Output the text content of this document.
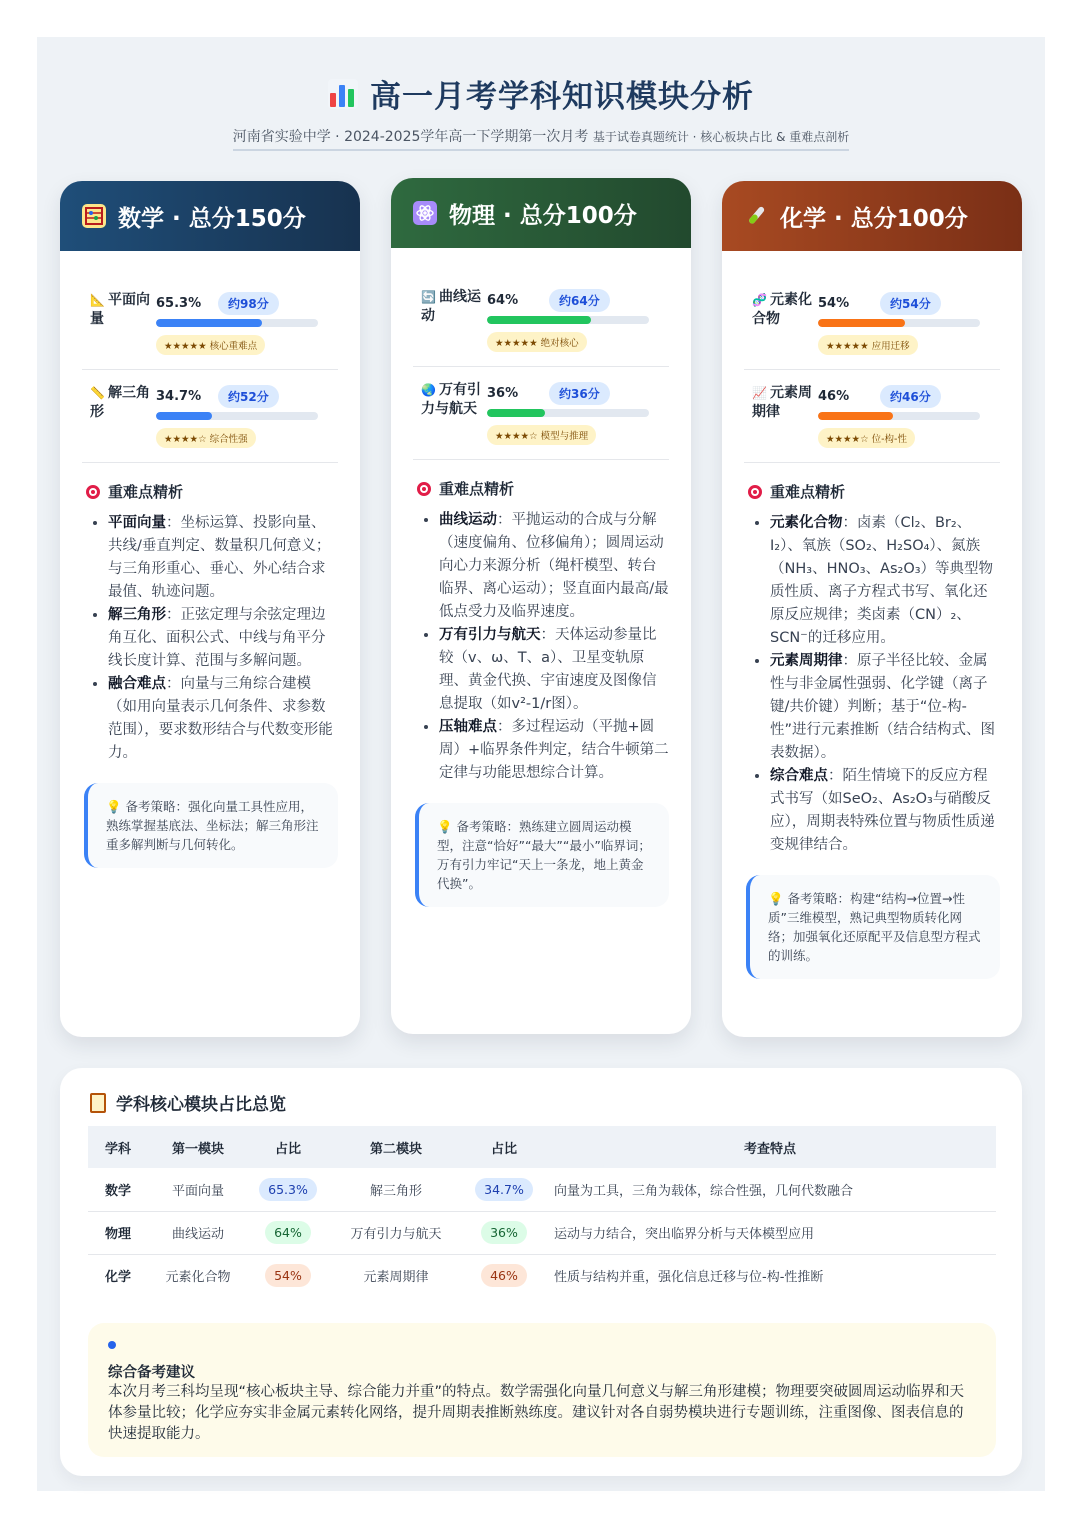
高一月考学科知识模块分析

河南省实验中学 · 2024-2025学年高一下学期第一次月考 基于试卷真题统计 · 核心板块占比 & 重难点剖析
数学 · 总分150分
📐 平面向量
65.3%	约98分
★★★★★ 核心重难点
📏 解三角形
34.7%	约52分
★★★★☆ 综合性强
重难点精析
• 平面向量：坐标运算、投影向量、共线/垂直判定、数量积几何意义；与三角形重心、垂心、外心结合求最值、轨迹问题。
• 解三角形：正弦定理与余弦定理边角互化、面积公式、中线与角平分线长度计算、范围与多解问题。
• 融合难点：向量与三角综合建模（如用向量表示几何条件、求参数范围），要求数形结合与代数变形能力。
💡 备考策略：强化向量工具性应用，熟练掌握基底法、坐标法；解三角形注重多解判断与几何转化。
物理 · 总分100分
🔄 曲线运动
64%	约64分
★★★★★ 绝对核心
🌏 万有引力与航天
36%	约36分
★★★★☆ 模型与推理
重难点精析
• 曲线运动：平抛运动的合成与分解（速度偏角、位移偏角）；圆周运动向心力来源分析（绳杆模型、转台临界、离心运动）；竖直面内最高/最低点受力及临界速度。
• 万有引力与航天：天体运动参量比较（v、ω、T、a）、卫星变轨原理、黄金代换、宇宙速度及图像信息提取（如v²-1/r图）。
• 压轴难点：多过程运动（平抛+圆周）+临界条件判定，结合牛顿第二定律与功能思想综合计算。
💡 备考策略：熟练建立圆周运动模型，注意“恰好”“最大”“最小”临界词；万有引力牢记“天上一条龙，地上黄金代换”。
化学 · 总分100分
🧬 元素化合物
54%	约54分
★★★★★ 应用迁移
📈 元素周期律
46%	约46分
★★★★☆ 位-构-性
重难点精析
• 元素化合物：卤素（Cl₂、Br₂、I₂）、氧族（SO₂、H₂SO₄）、氮族（NH₃、HNO₃、As₂O₃）等典型物质性质、离子方程式书写、氧化还原反应规律；类卤素（CN）₂、SCN⁻的迁移应用。
• 元素周期律：原子半径比较、金属性与非金属性强弱、化学键（离子键/共价键）判断；基于“位-构-性”进行元素推断（结合结构式、图表数据）。
• 综合难点：陌生情境下的反应方程式书写（如SeO₂、As₂O₃与硝酸反应），周期表特殊位置与物质性质递变规律结合。
💡 备考策略：构建“结构→位置→性质”三维模型，熟记典型物质转化网络；加强氧化还原配平及信息型方程式的训练。
学科核心模块占比总览
学科	第一模块	占比	第二模块	占比	考查特点
数学	平面向量	65.3%	解三角形	34.7%	向量为工具，三角为载体，综合性强，几何代数融合
物理	曲线运动	64%	万有引力与航天	36%	运动与力结合，突出临界分析与天体模型应用
化学	元素化合物	54%	元素周期律	46%	性质与结构并重，强化信息迁移与位-构-性推断
综合备考建议
本次月考三科均呈现“核心板块主导、综合能力并重”的特点。数学需强化向量几何意义与解三角形建模；物理要突破圆周运动临界和天体参量比较；化学应夯实非金属元素转化网络，提升周期表推断熟练度。建议针对各自弱势模块进行专题训练，注重图像、图表信息的快速提取能力。
